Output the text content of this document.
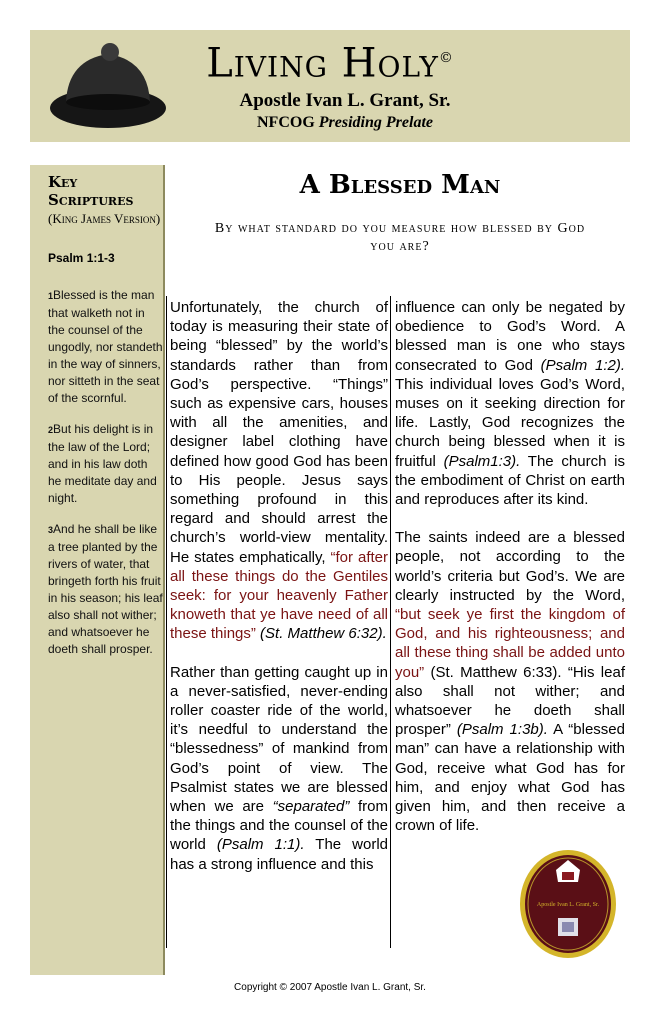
Living Holy©
Apostle Ivan L. Grant, Sr.
NFCOG Presiding Prelate
Key Scriptures
(King James Version)
Psalm 1:1-3
1Blessed is the man that walketh not in the counsel of the ungodly, nor standeth in the way of sinners, nor sitteth in the seat of the scornful.
2But his delight is in the law of the Lord; and in his law doth he meditate day and night.
3And he shall be like a tree planted by the rivers of water, that bringeth forth his fruit in his season; his leaf also shall not wither; and whatsoever he doeth shall prosper.
A Blessed Man
By what standard do you measure how blessed by God you are?

Unfortunately, the church of today is measuring their state of being “blessed” by the world’s standards rather than from God’s perspective. “Things” such as expensive cars, houses with all the amenities, and designer label clothing have defined how good God has been to His people. Jesus says something profound in this regard and should arrest the church’s world-view mentality. He states emphatically, “for after all these things do the Gentiles seek: for your heavenly Father knoweth that ye have need of all these things” (St. Matthew 6:32).

Rather than getting caught up in a never-satisfied, never-ending roller coaster ride of the world, it’s needful to understand the “blessedness” of mankind from God’s point of view. The Psalmist states we are blessed when we are “separated” from the things and the counsel of the world (Psalm 1:1). The world has a strong influence and this

influence can only be negated by obedience to God’s Word. A blessed man is one who stays consecrated to God (Psalm 1:2). This individual loves God’s Word, muses on it seeking direction for life. Lastly, God recognizes the church being blessed when it is fruitful (Psalm1:3). The church is the embodiment of Christ on earth and reproduces after its kind.

The saints indeed are a blessed people, not according to the world’s criteria but God’s. We are clearly instructed by the Word, “but seek ye first the kingdom of God, and his righteousness; and all these thing shall be added unto you” (St. Matthew 6:33). “His leaf also shall not wither; and whatsoever he doeth shall prosper” (Psalm 1:3b). A “blessed man” can have a relationship with God, receive what God has for him, and enjoy what God has given him, and then receive a crown of life.

Apostle Ivan L. Grant, Sr.
Copyright © 2007 Apostle Ivan L. Grant, Sr.
